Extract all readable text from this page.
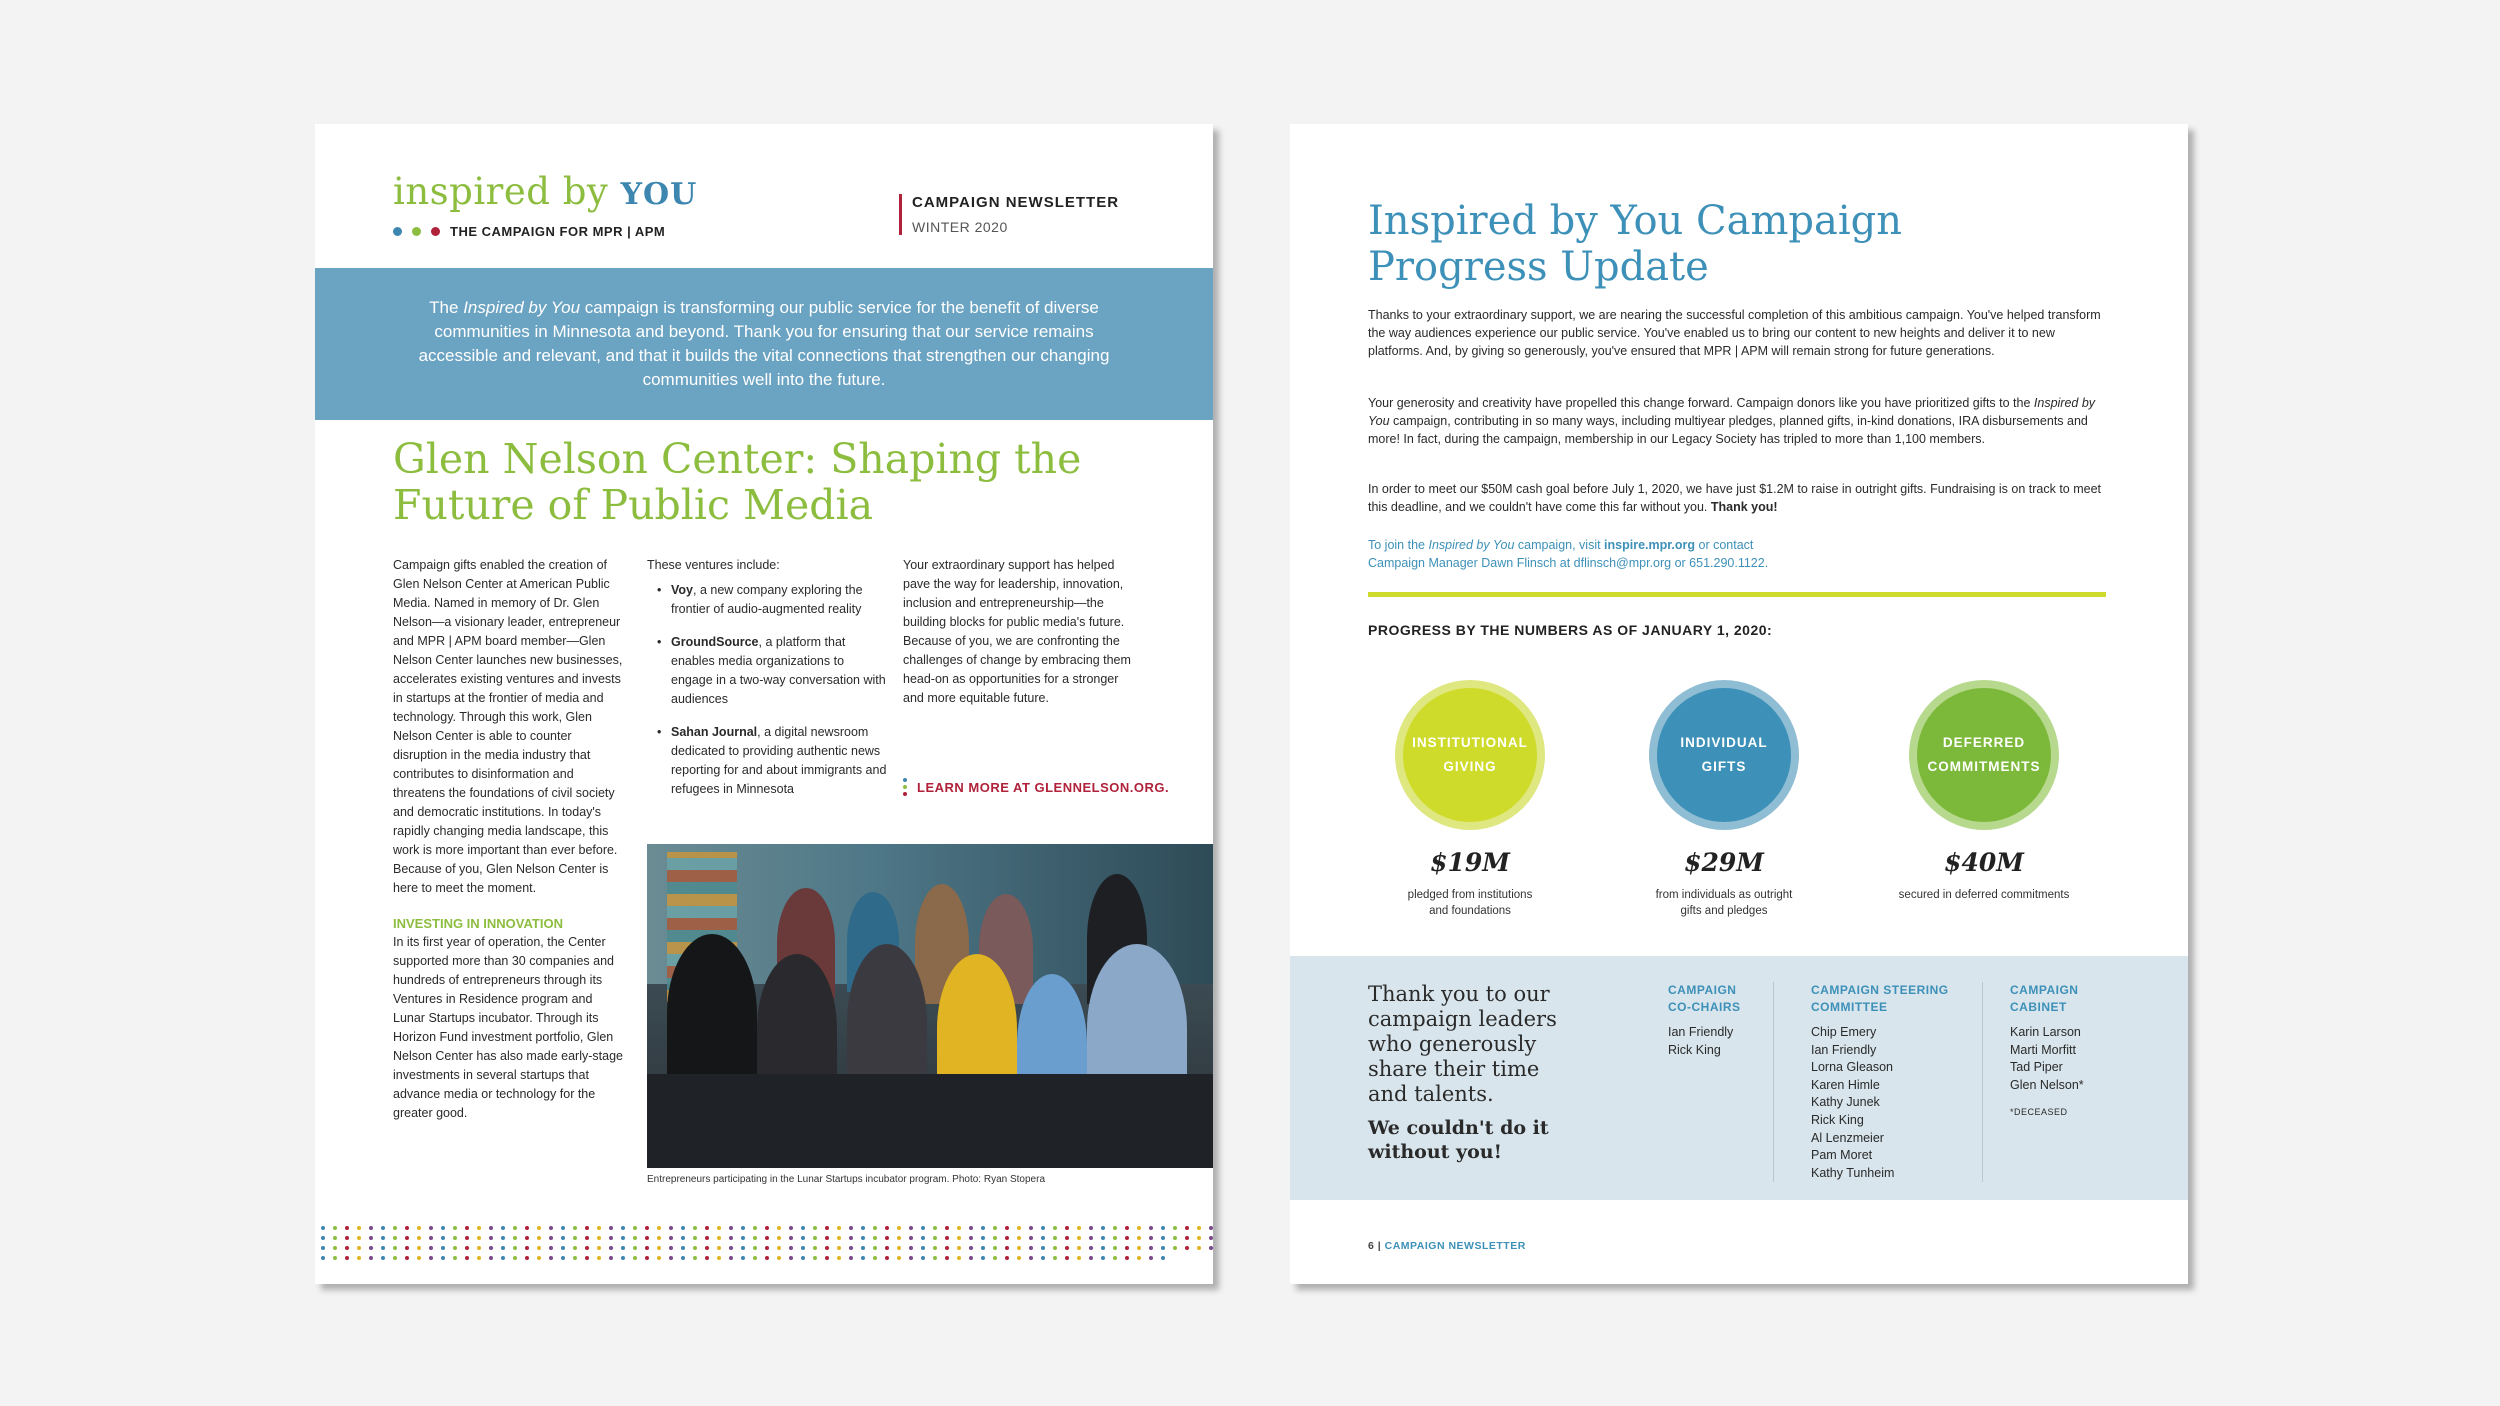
inspired by YOU
THE CAMPAIGN FOR MPR | APM
CAMPAIGN NEWSLETTER
WINTER 2020
The Inspired by You campaign is transforming our public service for the benefit of diverse communities in Minnesota and beyond. Thank you for ensuring that our service remains accessible and relevant, and that it builds the vital connections that strengthen our changing communities well into the future.
Glen Nelson Center: Shaping the Future of Public Media
Campaign gifts enabled the creation of Glen Nelson Center at American Public Media. Named in memory of Dr. Glen Nelson—a visionary leader, entrepreneur and MPR | APM board member—Glen Nelson Center launches new businesses, accelerates existing ventures and invests in startups at the frontier of media and technology. Through this work, Glen Nelson Center is able to counter disruption in the media industry that contributes to disinformation and threatens the foundations of civil society and democratic institutions. In today's rapidly changing media landscape, this work is more important than ever before. Because of you, Glen Nelson Center is here to meet the moment.
INVESTING IN INNOVATION
In its first year of operation, the Center supported more than 30 companies and hundreds of entrepreneurs through its Ventures in Residence program and Lunar Startups incubator. Through its Horizon Fund investment portfolio, Glen Nelson Center has also made early-stage investments in several startups that advance media or technology for the greater good.
These ventures include:
• Voy, a new company exploring the frontier of audio-augmented reality
• GroundSource, a platform that enables media organizations to engage in a two-way conversation with audiences
• Sahan Journal, a digital newsroom dedicated to providing authentic news reporting for and about immigrants and refugees in Minnesota
Your extraordinary support has helped pave the way for leadership, innovation, inclusion and entrepreneurship—the building blocks for public media's future. Because of you, we are confronting the challenges of change by embracing them head-on as opportunities for a stronger and more equitable future.
LEARN MORE AT GLENNELSON.ORG.
Entrepreneurs participating in the Lunar Startups incubator program. Photo: Ryan Stopera
Inspired by You Campaign Progress Update
Thanks to your extraordinary support, we are nearing the successful completion of this ambitious campaign. You've helped transform the way audiences experience our public service. You've enabled us to bring our content to new heights and deliver it to new platforms. And, by giving so generously, you've ensured that MPR | APM will remain strong for future generations.
Your generosity and creativity have propelled this change forward. Campaign donors like you have prioritized gifts to the Inspired by You campaign, contributing in so many ways, including multiyear pledges, planned gifts, in-kind donations, IRA disbursements and more! In fact, during the campaign, membership in our Legacy Society has tripled to more than 1,100 members.
In order to meet our $50M cash goal before July 1, 2020, we have just $1.2M to raise in outright gifts. Fundraising is on track to meet this deadline, and we couldn't have come this far without you. Thank you!
To join the Inspired by You campaign, visit inspire.mpr.org or contact
Campaign Manager Dawn Flinsch at dflinsch@mpr.org or 651.290.1122.
PROGRESS BY THE NUMBERS AS OF JANUARY 1, 2020:
INSTITUTIONAL
GIVING
$19M
pledged from institutions
and foundations
INDIVIDUAL
GIFTS
$29M
from individuals as outright
gifts and pledges
DEFERRED
COMMITMENTS
$40M
secured in deferred commitments

Thank you to our campaign leaders who generously share their time and talents.
We couldn't do it without you!
CAMPAIGN
CO-CHAIRS
Ian Friendly
Rick King
CAMPAIGN STEERING
COMMITTEE
Chip Emery
Ian Friendly
Lorna Gleason
Karen Himle
Kathy Junek
Rick King
Al Lenzmeier
Pam Moret
Kathy Tunheim
CAMPAIGN
CABINET
Karin Larson
Marti Morfitt
Tad Piper
Glen Nelson*
*DECEASED
6 | CAMPAIGN NEWSLETTER
